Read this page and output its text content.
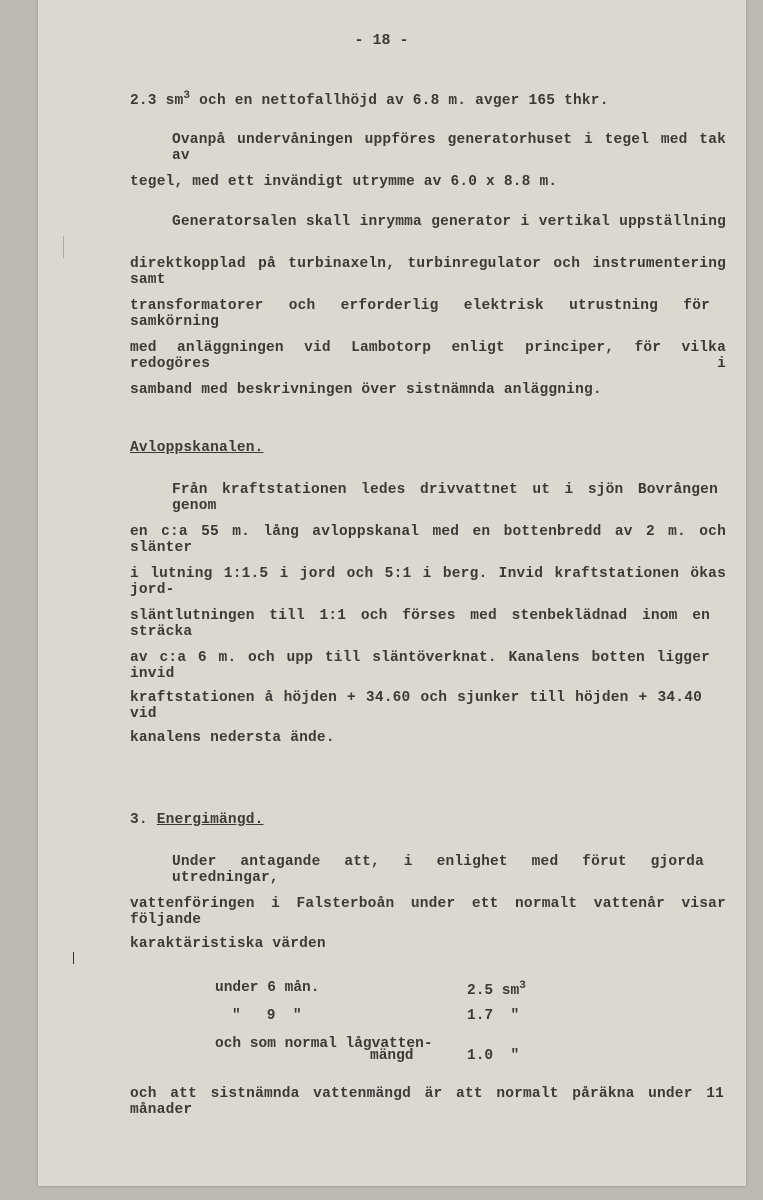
- 18 -
2.3 $sm^3$ och en nettofallhöjd av 6.8 m. avger 165 thkr.
Ovanpå undervåningen uppföres generatorhuset i tegel med tak av
tegel, med ett invändigt utrymme av 6.0 x 8.8 m.
Generatorsalen skall inrymma generator i vertikal uppställning
direktkopplad på turbinaxeln, turbinregulator och instrumentering samt
transformatorer och erforderlig elektrisk utrustning för samkörning
med anläggningen vid Lambotorp enligt principer, för vilka redogöres i
samband med beskrivningen över sistnämnda anläggning.
Avloppskanalen.
Från kraftstationen ledes drivvattnet ut i sjön Bovrången genom
en c:a 55 m. lång avloppskanal med en bottenbredd av 2 m. och slänter
i lutning 1:1.5 i jord och 5:1 i berg. Invid kraftstationen ökas jord-
släntlutningen till 1:1 och förses med stenbeklädnad inom en sträcka
av c:a 6 m. och upp till släntöverknat. Kanalens botten ligger invid
kraftstationen å höjden + 34.60 och sjunker till höjden + 34.40 vid
kanalens nedersta ände.
3. Energimängd.
Under antagande att, i enlighet med förut gjorda utredningar,
vattenföringen i Falsterboån under ett normalt vattenår visar följande
karaktäristiska värden
under 6 mån.	2.5 $sm^3$
"   9  "	1.7  "
och som normal lågvatten-
mängd	1.0  "
och att sistnämnda vattenmängd är att normalt påräkna under 11 månader
